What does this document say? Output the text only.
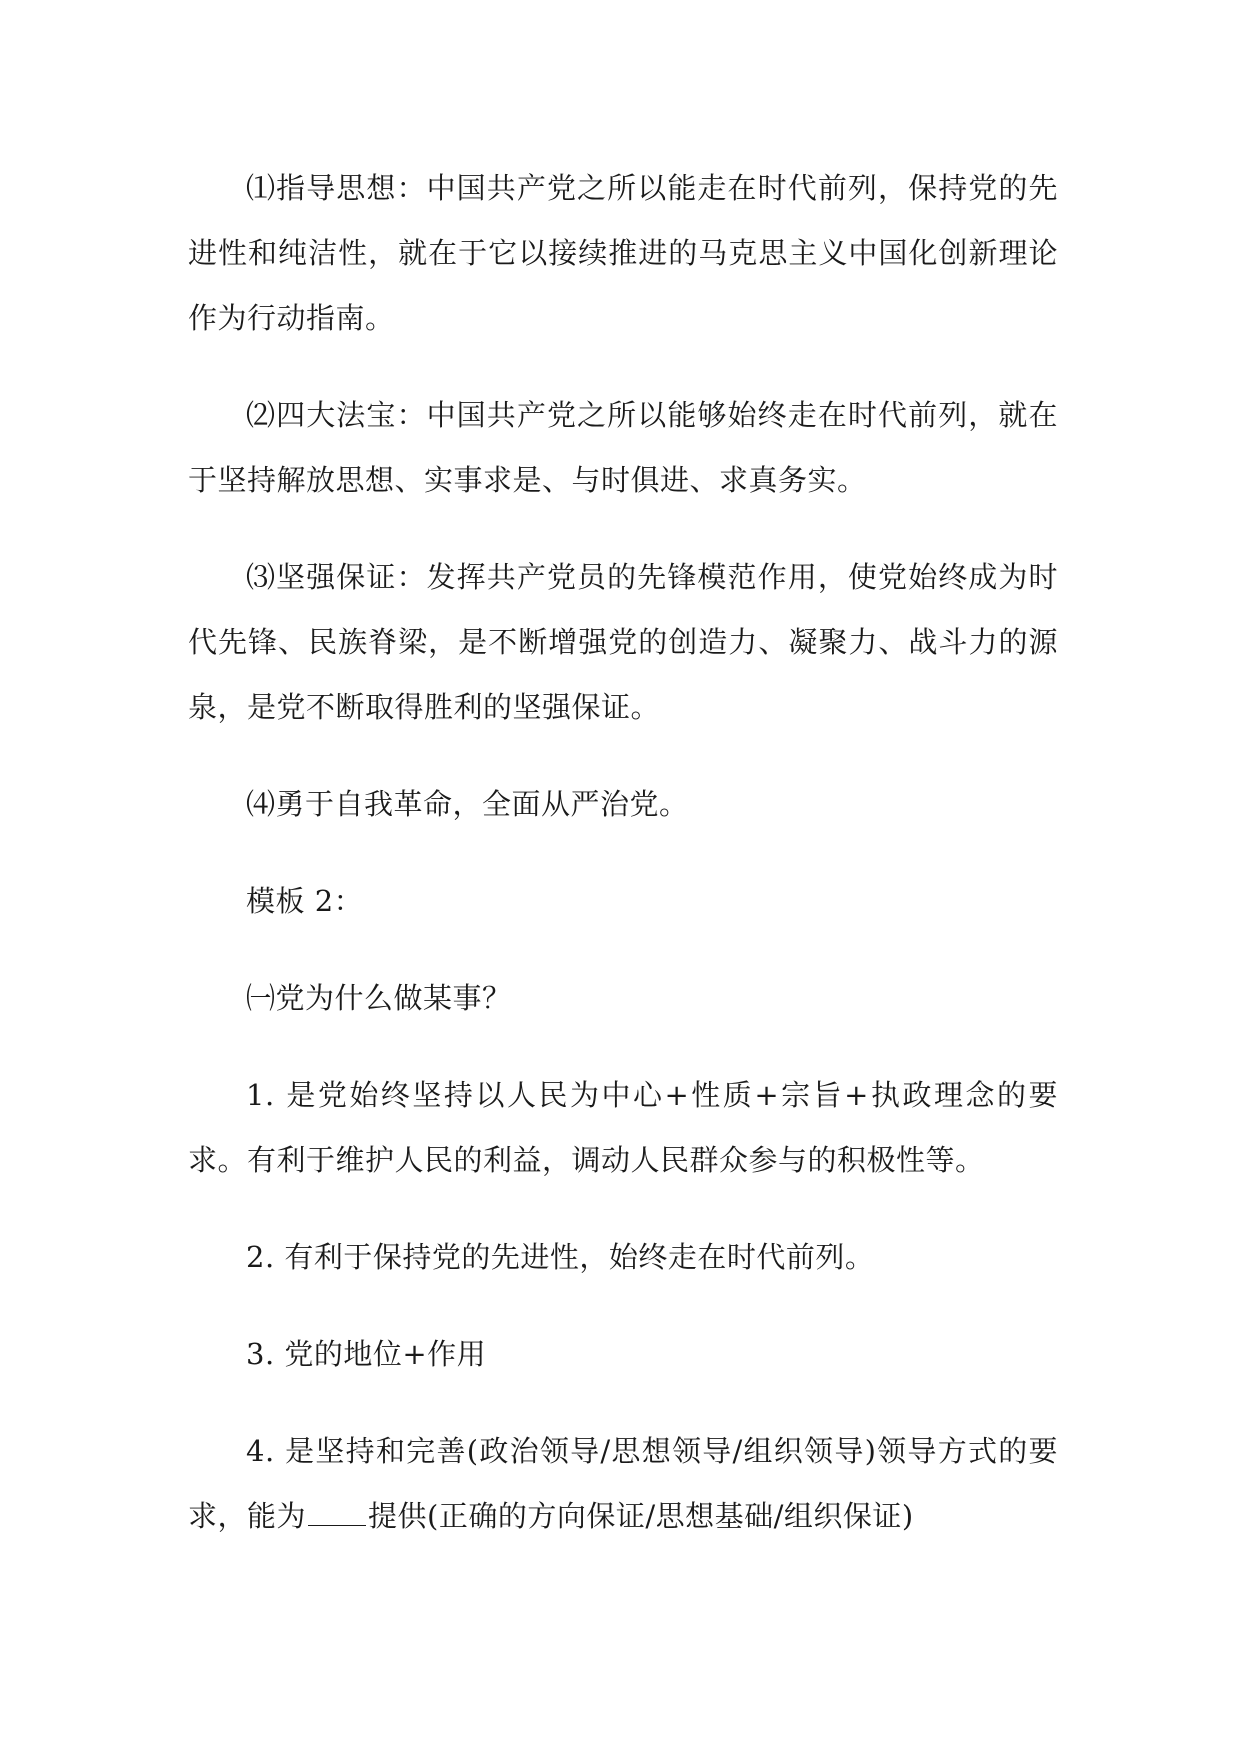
⑴指导思想：中国共产党之所以能走在时代前列，保持党的先进性和纯洁性，就在于它以接续推进的马克思主义中国化创新理论作为行动指南。

⑵四大法宝：中国共产党之所以能够始终走在时代前列，就在于坚持解放思想、实事求是、与时俱进、求真务实。

⑶坚强保证：发挥共产党员的先锋模范作用，使党始终成为时代先锋、民族脊梁，是不断增强党的创造力、凝聚力、战斗力的源泉，是党不断取得胜利的坚强保证。

⑷勇于自我革命，全面从严治党。

模板 2：

㈠党为什么做某事？

1. 是党始终坚持以人民为中心+性质+宗旨+执政理念的要求。有利于维护人民的利益，调动人民群众参与的积极性等。

2. 有利于保持党的先进性，始终走在时代前列。

3. 党的地位+作用

4. 是坚持和完善(政治领导/思想领导/组织领导)领导方式的要求，能为 提供(正确的方向保证/思想基础/组织保证)
